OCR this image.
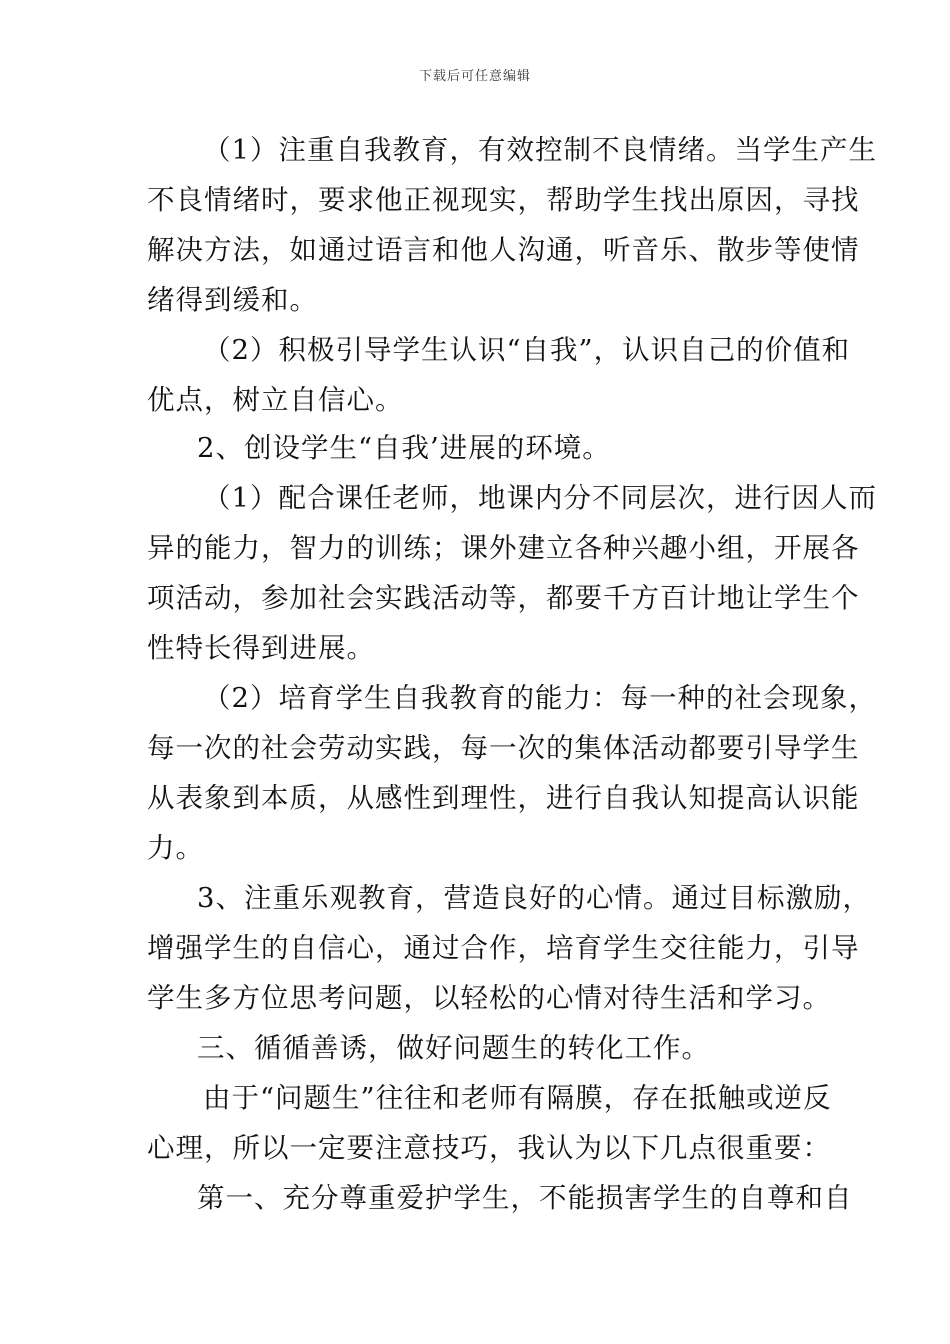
下载后可任意编辑
（1）注重自我教育，有效控制不良情绪。当学生产生
不良情绪时，要求他正视现实，帮助学生找出原因，寻找
解决方法，如通过语言和他人沟通，听音乐、散步等使情
绪得到缓和。
（2）积极引导学生认识“自我”，认识自己的价值和
优点，树立自信心。
2、创设学生“自我’进展的环境。
（1）配合课任老师，地课内分不同层次，进行因人而
异的能力，智力的训练；课外建立各种兴趣小组，开展各
项活动，参加社会实践活动等，都要千方百计地让学生个
性特长得到进展。
（2）培育学生自我教育的能力：每一种的社会现象，
每一次的社会劳动实践，每一次的集体活动都要引导学生
从表象到本质，从感性到理性，进行自我认知提高认识能
力。
3、注重乐观教育，营造良好的心情。通过目标激励，
增强学生的自信心，通过合作，培育学生交往能力，引导
学生多方位思考问题，以轻松的心情对待生活和学习。
三、循循善诱，做好问题生的转化工作。
由于“问题生”往往和老师有隔膜，存在抵触或逆反
心理，所以一定要注意技巧，我认为以下几点很重要：
第一、充分尊重爱护学生，不能损害学生的自尊和自
